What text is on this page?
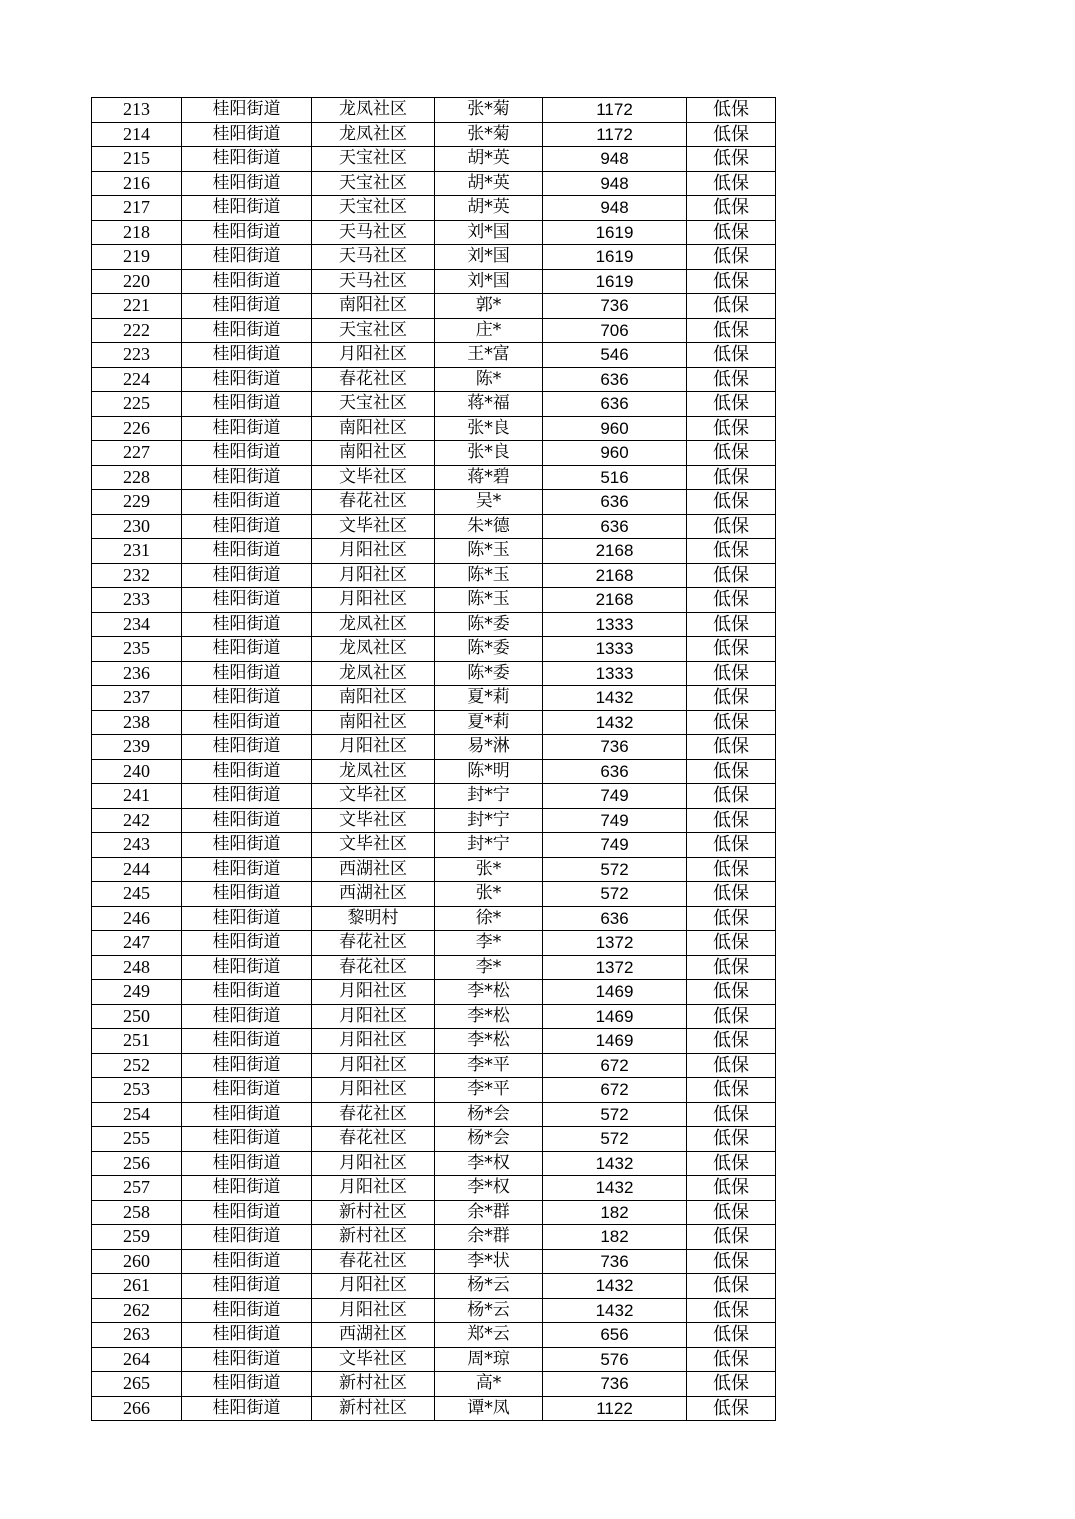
213	桂阳街道	龙凤社区	张*菊	1172	低保
214	桂阳街道	龙凤社区	张*菊	1172	低保
215	桂阳街道	天宝社区	胡*英	948	低保
216	桂阳街道	天宝社区	胡*英	948	低保
217	桂阳街道	天宝社区	胡*英	948	低保
218	桂阳街道	天马社区	刘*国	1619	低保
219	桂阳街道	天马社区	刘*国	1619	低保
220	桂阳街道	天马社区	刘*国	1619	低保
221	桂阳街道	南阳社区	郭*	736	低保
222	桂阳街道	天宝社区	庄*	706	低保
223	桂阳街道	月阳社区	王*富	546	低保
224	桂阳街道	春花社区	陈*	636	低保
225	桂阳街道	天宝社区	蒋*福	636	低保
226	桂阳街道	南阳社区	张*良	960	低保
227	桂阳街道	南阳社区	张*良	960	低保
228	桂阳街道	文毕社区	蒋*碧	516	低保
229	桂阳街道	春花社区	吴*	636	低保
230	桂阳街道	文毕社区	朱*德	636	低保
231	桂阳街道	月阳社区	陈*玉	2168	低保
232	桂阳街道	月阳社区	陈*玉	2168	低保
233	桂阳街道	月阳社区	陈*玉	2168	低保
234	桂阳街道	龙凤社区	陈*委	1333	低保
235	桂阳街道	龙凤社区	陈*委	1333	低保
236	桂阳街道	龙凤社区	陈*委	1333	低保
237	桂阳街道	南阳社区	夏*莉	1432	低保
238	桂阳街道	南阳社区	夏*莉	1432	低保
239	桂阳街道	月阳社区	易*淋	736	低保
240	桂阳街道	龙凤社区	陈*明	636	低保
241	桂阳街道	文毕社区	封*宁	749	低保
242	桂阳街道	文毕社区	封*宁	749	低保
243	桂阳街道	文毕社区	封*宁	749	低保
244	桂阳街道	西湖社区	张*	572	低保
245	桂阳街道	西湖社区	张*	572	低保
246	桂阳街道	黎明村	徐*	636	低保
247	桂阳街道	春花社区	李*	1372	低保
248	桂阳街道	春花社区	李*	1372	低保
249	桂阳街道	月阳社区	李*松	1469	低保
250	桂阳街道	月阳社区	李*松	1469	低保
251	桂阳街道	月阳社区	李*松	1469	低保
252	桂阳街道	月阳社区	李*平	672	低保
253	桂阳街道	月阳社区	李*平	672	低保
254	桂阳街道	春花社区	杨*会	572	低保
255	桂阳街道	春花社区	杨*会	572	低保
256	桂阳街道	月阳社区	李*权	1432	低保
257	桂阳街道	月阳社区	李*权	1432	低保
258	桂阳街道	新村社区	余*群	182	低保
259	桂阳街道	新村社区	余*群	182	低保
260	桂阳街道	春花社区	李*状	736	低保
261	桂阳街道	月阳社区	杨*云	1432	低保
262	桂阳街道	月阳社区	杨*云	1432	低保
263	桂阳街道	西湖社区	郑*云	656	低保
264	桂阳街道	文毕社区	周*琼	576	低保
265	桂阳街道	新村社区	高*	736	低保
266	桂阳街道	新村社区	谭*凤	1122	低保
